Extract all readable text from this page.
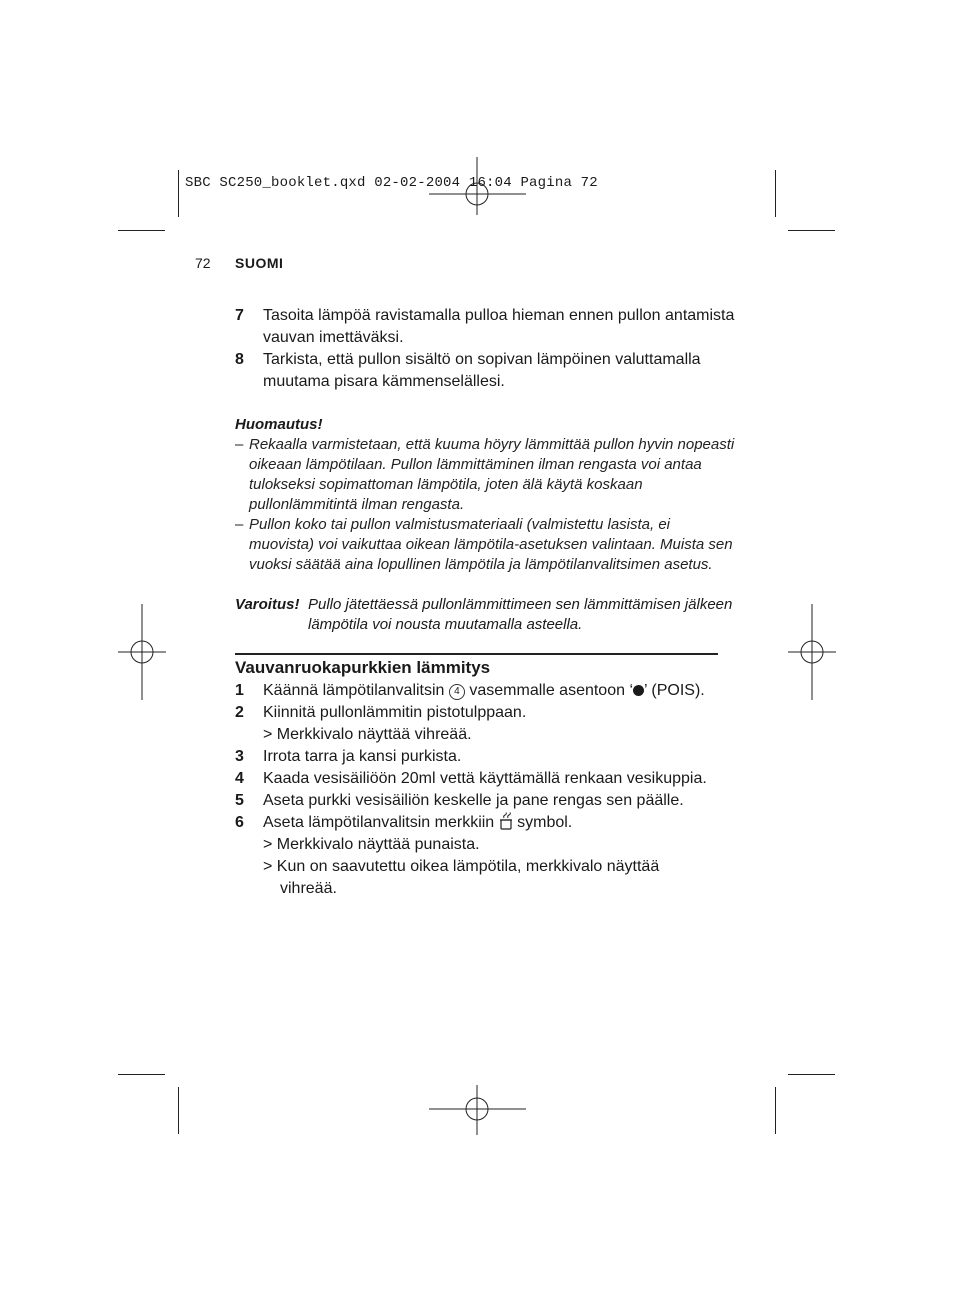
SBC SC250_booklet.qxd 02-02-2004 16:04 Pagina 72
72 SUOMI
7 Tasoita lämpöä ravistamalla pulloa hieman ennen pullon antamista vauvan imettäväksi.
8 Tarkista, että pullon sisältö on sopivan lämpöinen valuttamalla muutama pisara kämmenselällesi.
Huomautus!
– Rekaalla varmistetaan, että kuuma höyry lämmittää pullon hyvin nopeasti oikeaan lämpötilaan. Pullon lämmittäminen ilman rengasta voi antaa tulokseksi sopimattoman lämpötila, joten älä käytä koskaan pullonlämmitintä ilman rengasta.
– Pullon koko tai pullon valmistusmateriaali (valmistettu lasista, ei muovista) voi vaikuttaa oikean lämpötila-asetuksen valintaan. Muista sen vuoksi säätää aina lopullinen lämpötila ja lämpötilanvalitsimen asetus.
Varoitus! Pullo jätettäessä pullonlämmittimeen sen lämmittämisen jälkeen lämpötila voi nousta muutamalla asteella.
Vauvanruokapurkkien lämmitys
1 Käännä lämpötilanvalitsin 4 vasemmalle asentoon ‘ ’ (POIS).
2 Kiinnitä pullonlämmitin pistotulppaan.
> Merkkivalo näyttää vihreää.
3 Irrota tarra ja kansi purkista.
4 Kaada vesisäiliöön 20ml vettä käyttämällä renkaan vesikuppia.
5 Aseta purkki vesisäiliön keskelle ja pane rengas sen päälle.
6 Aseta lämpötilanvalitsin merkkiin symbol.
> Merkkivalo näyttää punaista.
> Kun on saavutettu oikea lämpötila, merkkivalo näyttää vihreää.
